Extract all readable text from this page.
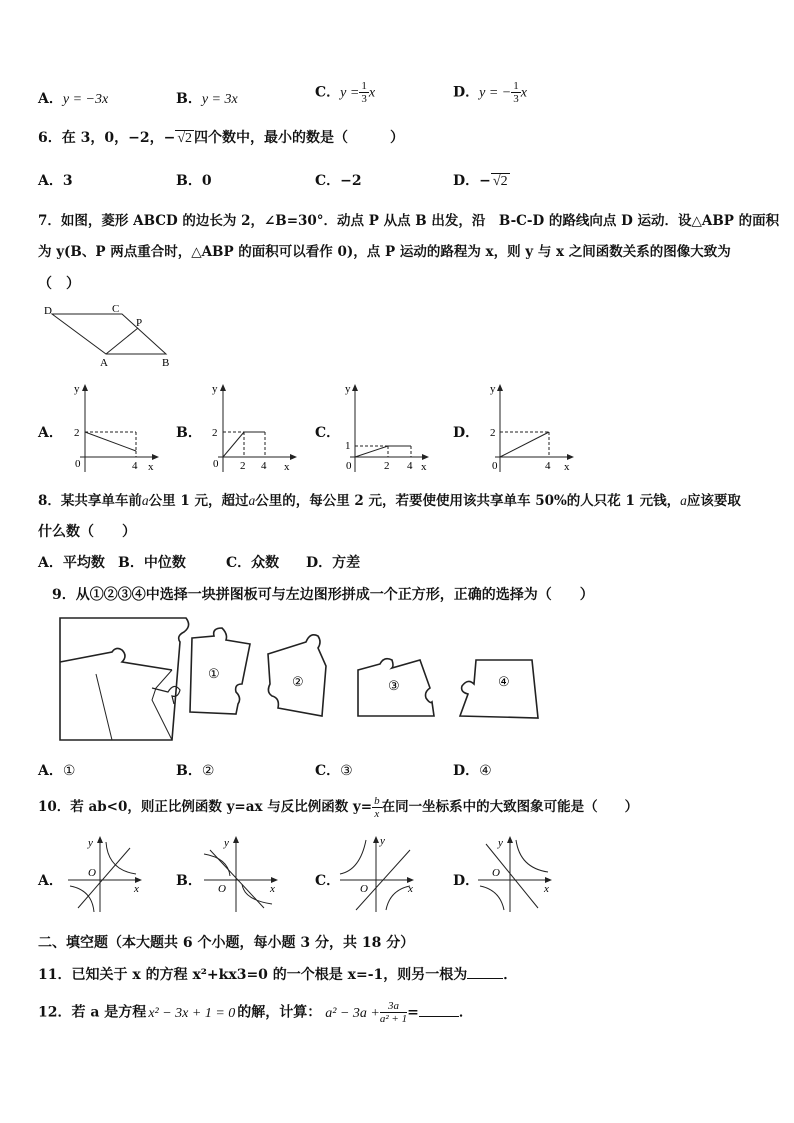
A．y = −3x	B．y = 3x	C．$y = \frac{1}{3}$ x	D．y = − $\frac{1}{3}$ x
6．在 3，0，−2，− √2 四个数中，最小的数是（	）
A．3	B．0	C．−2	D．− √2
7．如图，菱形 ABCD 的边长为 2，∠B=30°．动点 P 从点 B 出发，沿　B-C-D 的路线向点 D 运动．设△ABP 的面积
为 y(B、P 两点重合时，△ABP 的面积可以看作 0)，点 P 运动的路程为 x，则 y 与 x 之间函数关系的图像大致为
（　）
D	C
P
A	B
A．
y
x
0
2
4
B．
y
x
0
2
2 4
C．
y
x
0
1
2 4
D．
y
x
0
2
4
8．某共享单车前a公里 1 元，超过a公里的，每公里 2 元，若要使使用该共享单车 50%的人只花 1 元钱，a应该要取
什么数（　　）
A．平均数 B．中位数	C．众数 D．方差
9．从①②③④中选择一块拼图板可与左边图形拼成一个正方形，正确的选择为（　　）
①
②	③	④
A．①	B．②	C．③	D．④
10．若 ab<0，则正比例函数 y=ax 与反比例函数 $y= \frac{b}{x}$ 在同一坐标系中的大致图象可能是（　　）
A．
y
x
O	B．
y
x
O	C．
y
x
O	D．
y
x
O
二、填空题（本大题共 6 个小题，每小题 3 分，共 18 分）
11．已知关于 x 的方程 x²+kx3=0 的一个根是 x=-1，则另一根为	．
12．若 a 是方程 x² − 3x + 1 = 0 的解，计算： $a^2 - 3a + \frac{3a}{\text{a² + 1}}$ =	．
